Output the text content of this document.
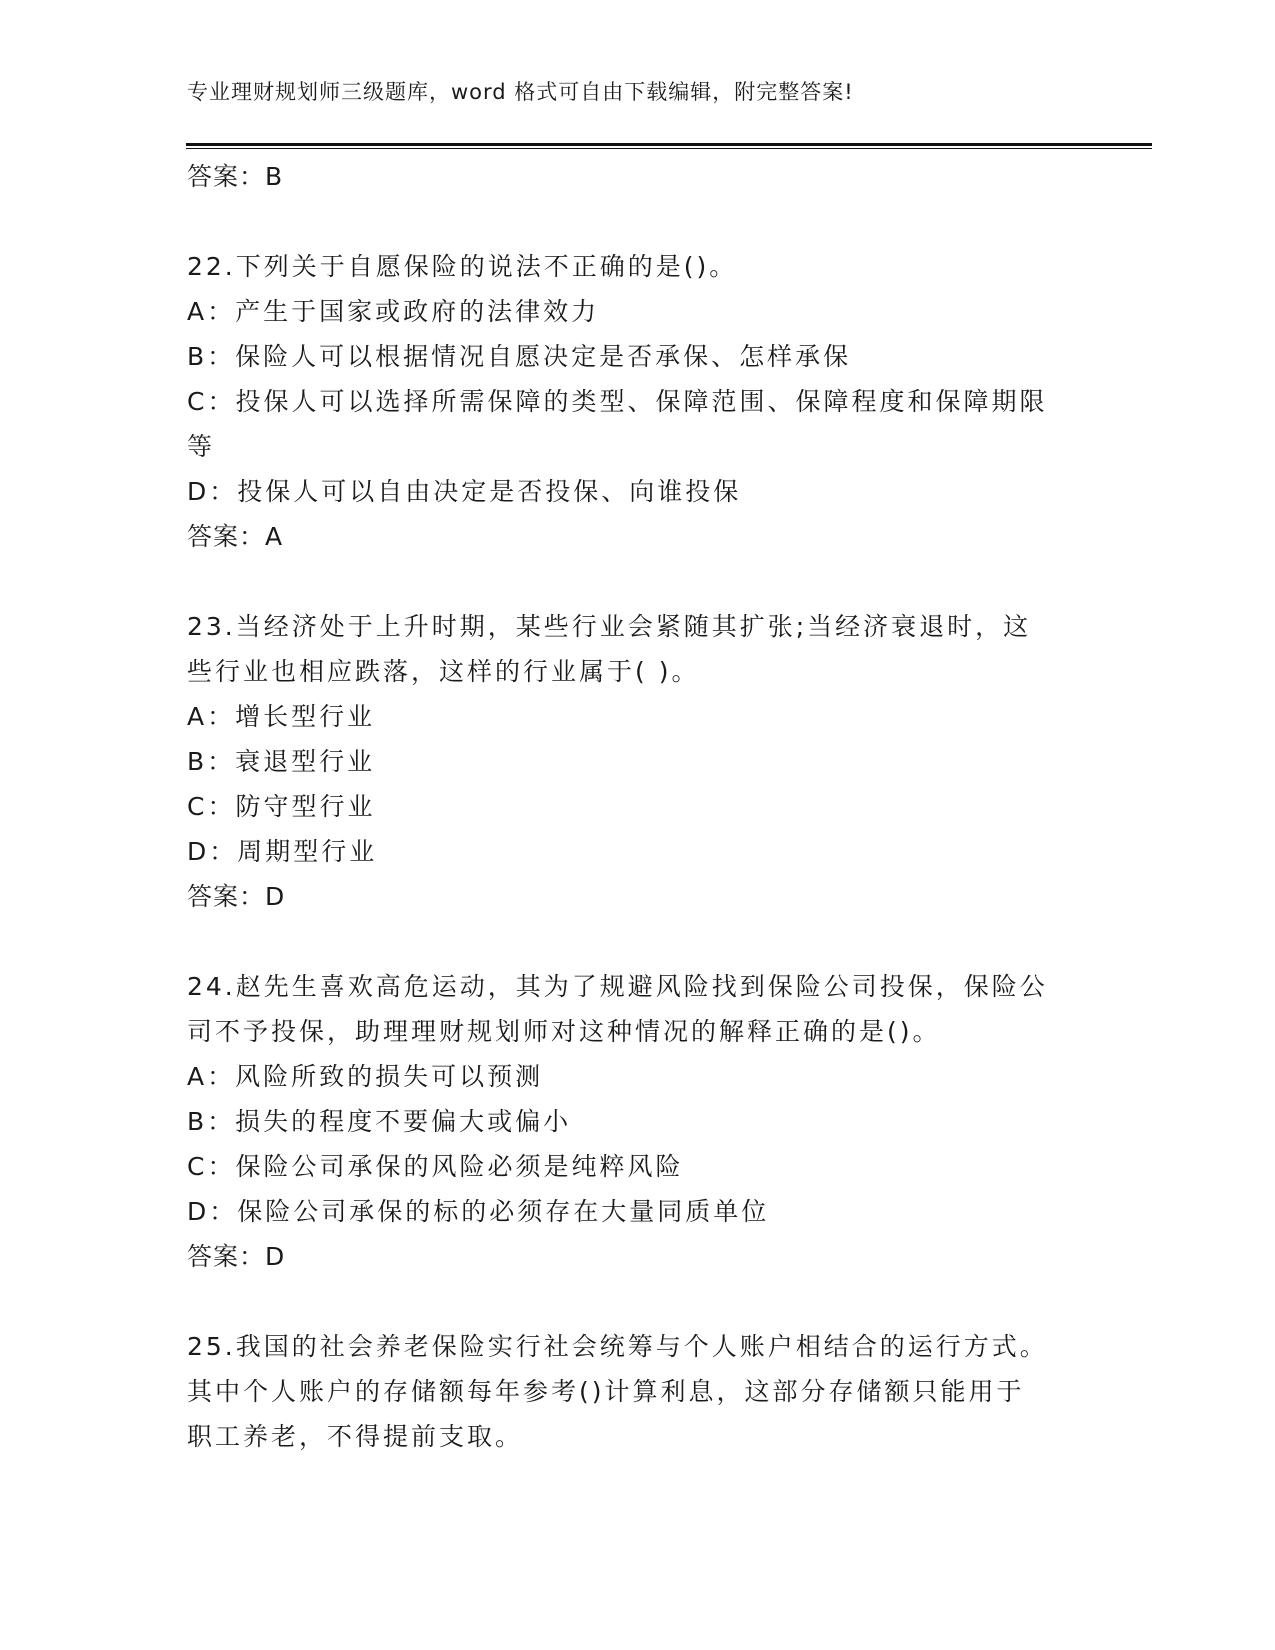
专业理财规划师三级题库，word 格式可自由下载编辑，附完整答案!
答案：B
22.下列关于自愿保险的说法不正确的是()。
A：产生于国家或政府的法律效力
B：保险人可以根据情况自愿决定是否承保、怎样承保
C：投保人可以选择所需保障的类型、保障范围、保障程度和保障期限
等
D：投保人可以自由决定是否投保、向谁投保
答案：A
23.当经济处于上升时期，某些行业会紧随其扩张;当经济衰退时，这
些行业也相应跌落，这样的行业属于( )。
A：增长型行业
B：衰退型行业
C：防守型行业
D：周期型行业
答案：D
24.赵先生喜欢高危运动，其为了规避风险找到保险公司投保，保险公
司不予投保，助理理财规划师对这种情况的解释正确的是()。
A：风险所致的损失可以预测
B：损失的程度不要偏大或偏小
C：保险公司承保的风险必须是纯粹风险
D：保险公司承保的标的必须存在大量同质单位
答案：D
25.我国的社会养老保险实行社会统筹与个人账户相结合的运行方式。
其中个人账户的存储额每年参考()计算利息，这部分存储额只能用于
职工养老，不得提前支取。
